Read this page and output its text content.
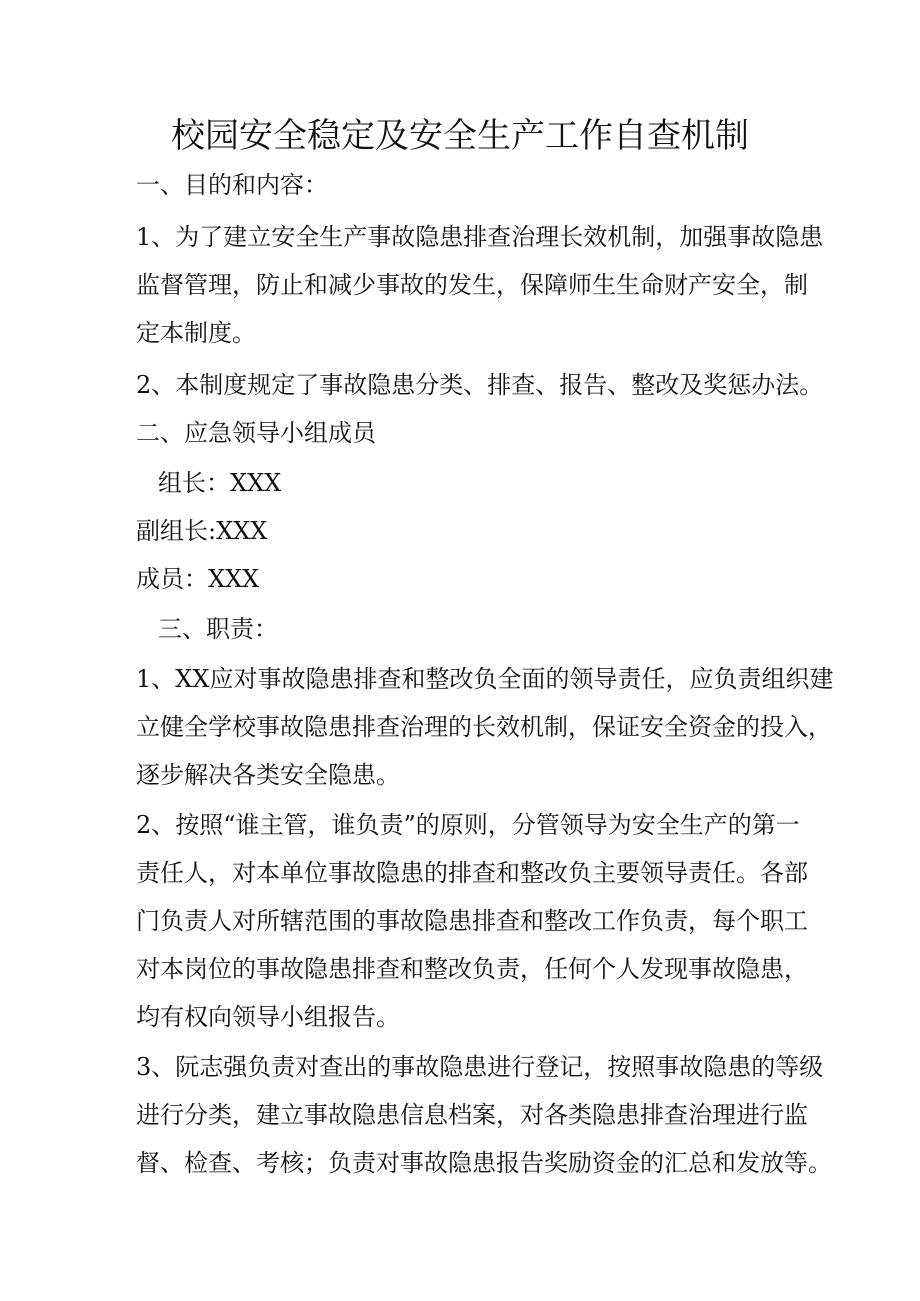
校园安全稳定及安全生产工作自查机制
一、目的和内容：
1、为了建立安全生产事故隐患排查治理长效机制，加强事故隐患
监督管理，防止和减少事故的发生，保障师生生命财产安全，制
定本制度。
2、本制度规定了事故隐患分类、排查、报告、整改及奖惩办法。
二、应急领导小组成员
组长：XXX
副组长:XXX
成员：XXX
三、职责：
1、XX应对事故隐患排查和整改负全面的领导责任，应负责组织建
立健全学校事故隐患排查治理的长效机制，保证安全资金的投入，
逐步解决各类安全隐患。
2、按照“谁主管，谁负责”的原则，分管领导为安全生产的第一
责任人，对本单位事故隐患的排查和整改负主要领导责任。各部
门负责人对所辖范围的事故隐患排查和整改工作负责，每个职工
对本岗位的事故隐患排查和整改负责，任何个人发现事故隐患，
均有权向领导小组报告。
3、阮志强负责对查出的事故隐患进行登记，按照事故隐患的等级
进行分类，建立事故隐患信息档案，对各类隐患排查治理进行监
督、检查、考核；负责对事故隐患报告奖励资金的汇总和发放等。
